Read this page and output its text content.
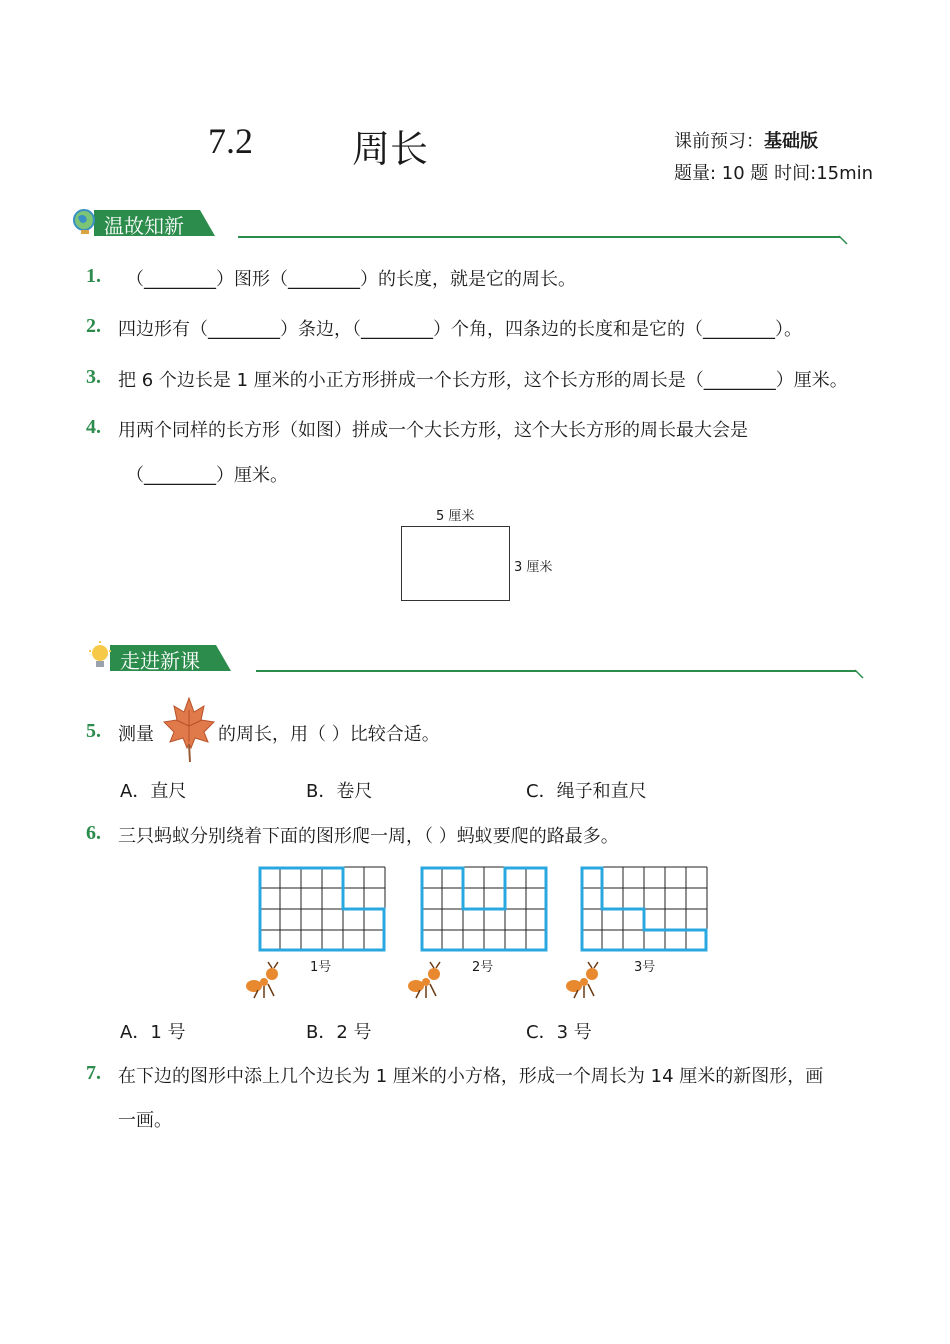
7.2	周长	课前预习：基础版
题量: 10 题 时间:15min
温故知新
1. （________）图形（________）的长度，就是它的周长。
2. 四边形有（________）条边，（________）个角，四条边的长度和是它的（________）。
3. 把 6 个边长是 1 厘米的小正方形拼成一个长方形，这个长方形的周长是（________）厘米。
4. 用两个同样的长方形（如图）拼成一个大长方形，这个大长方形的周长最大会是
（________）厘米。
5 厘米
3 厘米
走进新课
5. 测量	的周长，用（ ）比较合适。
A．直尺	B．卷尺	C．绳子和直尺
6. 三只蚂蚁分别绕着下面的图形爬一周，（ ）蚂蚁要爬的路最多。
1号	2号	3号
A．1 号	B．2 号	C．3 号
7. 在下边的图形中添上几个边长为 1 厘米的小方格，形成一个周长为 14 厘米的新图形，画
一画。
